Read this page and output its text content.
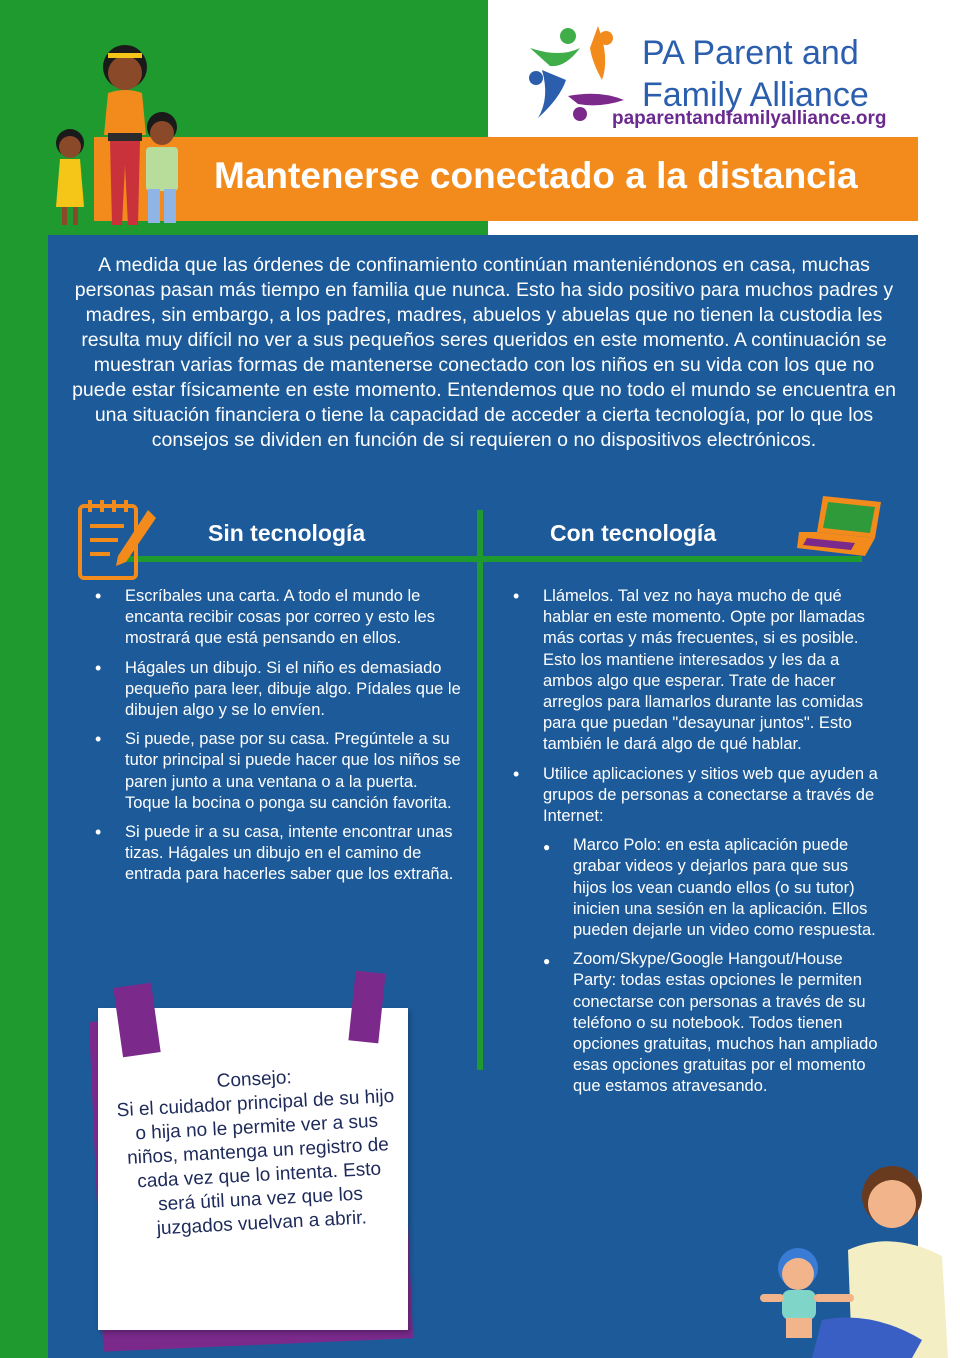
PA Parent and
Family Alliance
paparentandfamilyalliance.org
Mantenerse conectado a la distancia
A medida que las órdenes de confinamiento continúan manteniéndonos en casa, muchas personas pasan más tiempo en familia que nunca. Esto ha sido positivo para muchos padres y madres, sin embargo, a los padres, madres, abuelos y abuelas que no tienen la custodia les resulta muy difícil no ver a sus pequeños seres queridos en este momento. A continuación se muestran varias formas de mantenerse conectado con los niños en su vida con los que no puede estar físicamente en este momento. Entendemos que no todo el mundo se encuentra en una situación financiera o tiene la capacidad de acceder a cierta tecnología, por lo que los consejos se dividen en función de si requieren o no dispositivos electrónicos.
Sin tecnología	Con tecnología
• Escríbales una carta. A todo el mundo le encanta recibir cosas por correo y esto les mostrará que está pensando en ellos.
• Hágales un dibujo. Si el niño es demasiado pequeño para leer, dibuje algo. Pídales que le dibujen algo y se lo envíen.
• Si puede, pase por su casa. Pregúntele a su tutor principal si puede hacer que los niños se paren junto a una ventana o a la puerta. Toque la bocina o ponga su canción favorita.
• Si puede ir a su casa, intente encontrar unas tizas. Hágales un dibujo en el camino de entrada para hacerles saber que los extraña.
• Llámelos. Tal vez no haya mucho de qué hablar en este momento. Opte por llamadas más cortas y más frecuentes, si es posible. Esto los mantiene interesados y les da a ambos algo que esperar. Trate de hacer arreglos para llamarlos durante las comidas para que puedan "desayunar juntos". Esto también le dará algo de qué hablar.
• Utilice aplicaciones y sitios web que ayuden a grupos de personas a conectarse a través de Internet:
● Marco Polo: en esta aplicación puede grabar videos y dejarlos para que sus hijos los vean cuando ellos (o su tutor) inicien una sesión en la aplicación. Ellos pueden dejarle un video como respuesta.
● Zoom/Skype/Google Hangout/House Party: todas estas opciones le permiten conectarse con personas a través de su teléfono o su notebook. Todos tienen opciones gratuitas, muchos han ampliado esas opciones gratuitas por el momento que estamos atravesando.
Consejo:
Si el cuidador principal de su hijo o hija no le permite ver a sus niños, mantenga un registro de cada vez que lo intenta. Esto será útil una vez que los juzgados vuelvan a abrir.
